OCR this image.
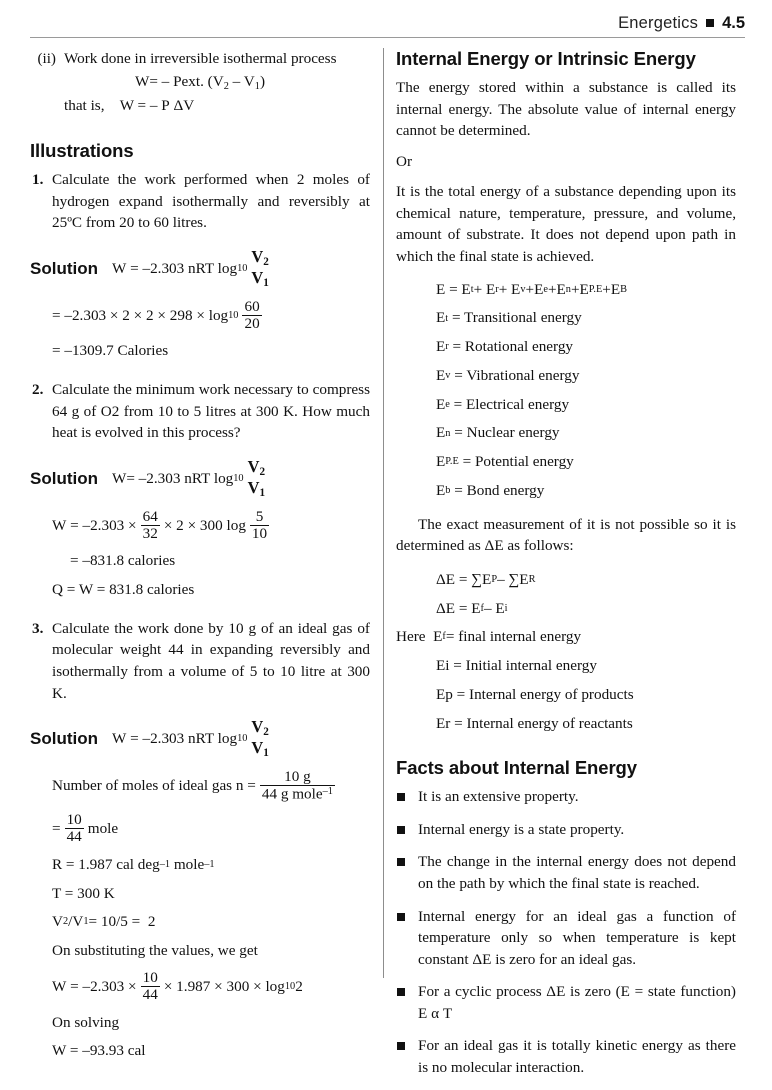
Energetics 4.5
(ii) Work done in irreversible isothermal process
W= – Pext. $(V_2 - V_1)$
that is,    W = – P ΔV
Illustrations
1. Calculate the work performed when 2 moles of hydrogen expand isothermally and reversibly at 25ºC from 20 to 60 litres.
Solution W = –2.303 nRT log 10
$V_2$
$V_1$
= $-2.303 \times 2 \times 2 \times 298 \times \log 10 \frac{60}{20}$
= –1309.7 Calories
2. Calculate the minimum work necessary to compress 64 g of O2 from 10 to 5 litres at 300 K. How much heat is evolved in this process?
Solution W= –2.303 nRT log 10
$V_2$
$V_1$
$W = -2.303 \times \frac{64}{32} \times 2 \times 300$ $\log \frac{5}{10}$
= –831.8 calories
Q = W = 831.8 calories
3. Calculate the work done by 10 g of an ideal gas of molecular weight 44 in expanding reversibly and isothermally from a volume of 5 to 10 litre at 300 K.
Solution W = –2.303 nRT log 10
$V_2$
$V_1$
Number of moles of ideal gas $n = \frac{10 g}{44 g mole^{-1}}$
= $\frac{10}{44}$ mole
R = 1.987 cal deg –1 mole –1
T = 300 K
V 2 /V 1 = 10/5 =  2
On substituting the values, we get
$W = -2.303 \times \frac{10}{44} \times 1.987 \times 300 \times \log 10$ 2
On solving
W = –93.93 cal
Internal Energy or Intrinsic Energy

The energy stored within a substance is called its internal energy. The absolute value of internal energy cannot be determined.

Or

It is the total energy of a substance depending upon its chemical nature, temperature, pressure, and volume, amount of substrate. It does not depend upon path in which the final state is achieved.

E = E t + E r + E v +E e +E n +E P.E +E B
E t
= Transitional energy
E r
= Rotational energy
E v
= Vibrational energy
E e
= Electrical energy
E n
= Nuclear energy
E P.E
= Potential energy
E b
= Bond energy

The exact measurement of it is not possible so it is determined as ΔE as follows:

ΔE = ∑E P – ∑E R
ΔE = E f – E i
Here E f = final internal energy
Ei = Initial internal energy
Ep = Internal energy of products
Er = Internal energy of reactants
Facts about Internal Energy
It is an extensive property.
Internal energy is a state property.
The change in the internal energy does not depend on the path by which the final state is reached.
Internal energy for an ideal gas a function of temperature only so when temperature is kept constant ΔE is zero for an ideal gas.
For a cyclic process ΔE is zero (E = state function) E α T
For an ideal gas it is totally kinetic energy as there is no molecular interaction.
